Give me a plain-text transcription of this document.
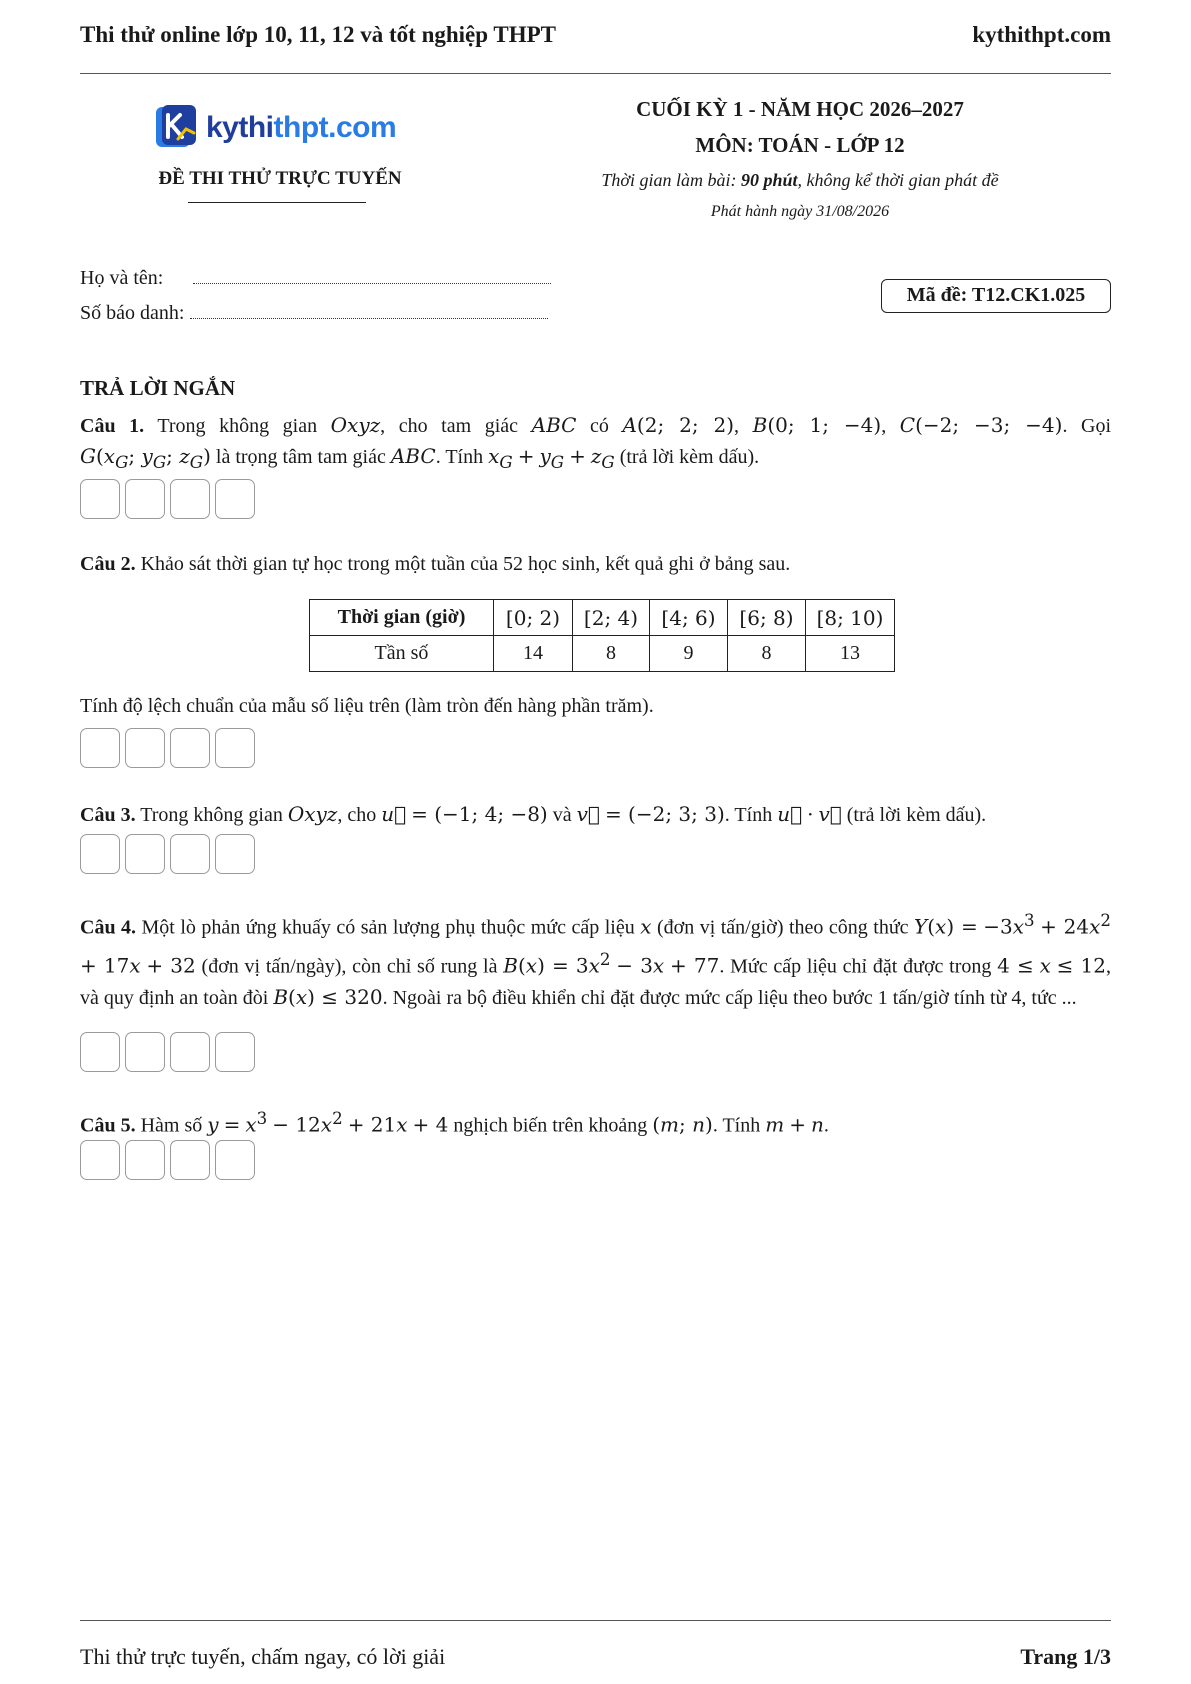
Thi thử online lớp 10, 11, 12 và tốt nghiệp THPT	kythithpt.com
kythithpt.com
ĐỀ THI THỬ TRỰC TUYẾN
CUỐI KỲ 1 - NĂM HỌC 2026–2027
MÔN: TOÁN - LỚP 12
Thời gian làm bài: 90 phút, không kể thời gian phát đề
Phát hành ngày 31/08/2026
Họ và tên:
Số báo danh:
Mã đề: T12.CK1.025
TRẢ LỜI NGẮN
Câu 1. Trong không gian Oxyz, cho tam giác ABC có A(2; 2; 2), B(0; 1; −4), C(−2; −3; −4). Gọi
$G(x_G$; $y_G$; $z_G$) là trọng tâm tam giác ABC. Tính $x_G + y_G + z_G$ (trả lời kèm dấu).
Câu 2. Khảo sát thời gian tự học trong một tuần của 52 học sinh, kết quả ghi ở bảng sau.
Thời gian (giờ)	[0; 2)	[2; 4)	[4; 6)	[6; 8)	[8; 10)
Tần số	14	8	9	8	13
Tính độ lệch chuẩn của mẫu số liệu trên (làm tròn đến hàng phần trăm).
Câu 3. Trong không gian Oxyz, cho u⃗ = (−1; 4; −8) và v⃗ = (−2; 3; 3). Tính u⃗ · v⃗ (trả lời kèm dấu).
Câu 4. Một lò phản ứng khuấy có sản lượng phụ thuộc mức cấp liệu x (đơn vị tấn/giờ) theo công thức $Y(x) = -3x^3 + 24x^2 + 17x + 32$ (đơn vị tấn/ngày), còn chỉ số rung là $B(x) = 3x^2 - 3x + 77$. Mức cấp liệu chỉ đặt được trong 4 ≤ x ≤ 12, và quy định an toàn đòi B(x) ≤ 320. Ngoài ra bộ điều khiển chỉ đặt được mức cấp liệu theo bước 1 tấn/giờ tính từ 4, tức ...
Câu 5. Hàm số $y = x^3 - 12x^2 + 21x + 4$ nghịch biến trên khoảng (m; n). Tính m + n.
Thi thử trực tuyến, chấm ngay, có lời giải	Trang 1/3
